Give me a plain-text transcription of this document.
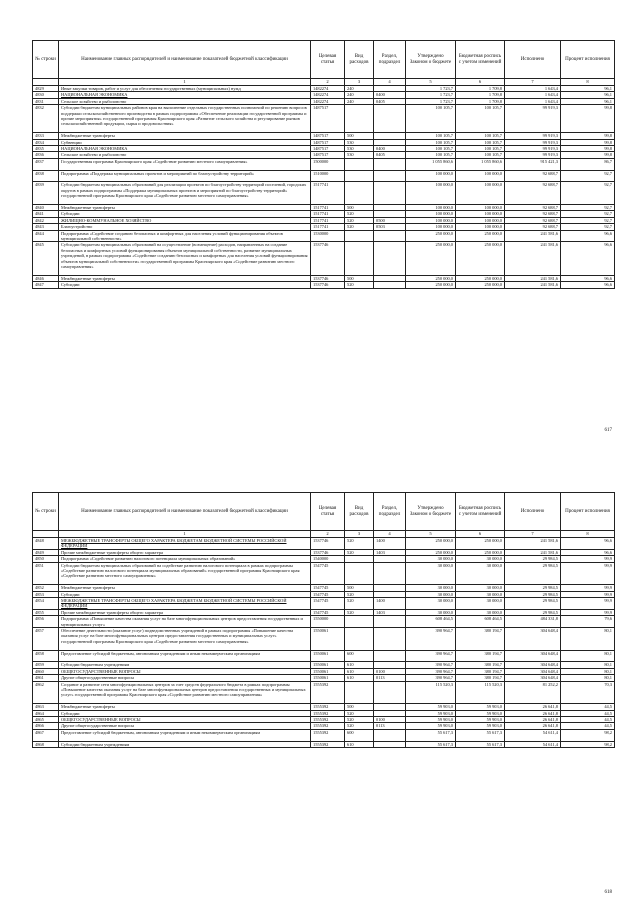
№ строки	Наименование главных распорядителей и наименование показателей бюджетной классификации	Целевая статья	Вид расходов	Раздел, подраздел	Утверждено Законом о бюджете	Бюджетная роспись с учетом изменений	Исполнено	Процент исполнения
	1	2	3	4	5	6	7	8
4829	Иные закупки товаров, работ и услуг для обеспечения государственных (муниципальных) нужд	1482274	240		1 723,7	1 709,8	1 643,4	96,1
4830	НАЦИОНАЛЬНАЯ ЭКОНОМИКА	1482274	240	0400	1 723,7	1 709,8	1 643,4	96,1
4831	Сельское хозяйство и рыболовство	1482274	240	0405	1 723,7	1 709,8	1 643,4	96,1
4832	Субсидии бюджетам муниципальных районов края на выполнение отдельных государственных полномочий по решению вопросов поддержки сельскохозяйственного производства в рамках подпрограммы «Обеспечение реализации государственной программы и прочие мероприятия» государственной программы Красноярского края «Развитие сельского хозяйства и регулирование рынков сельскохозяйственной продукции, сырья и продовольствия»	1487517			100 105,7	100 105,7	99 919,3	99,8
4833	Межбюджетные трансферты	1487517	500		100 105,7	100 105,7	99 919,3	99,8
4834	Субвенции	1487517	530		100 105,7	100 105,7	99 919,3	99,8
4835	НАЦИОНАЛЬНАЯ ЭКОНОМИКА	1487517	530	0400	100 105,7	100 105,7	99 919,3	99,8
4836	Сельское хозяйство и рыболовство	1487517	530	0405	100 105,7	100 105,7	99 919,3	99,8
4837	Государственная программа Красноярского края «Содействие развитию местного самоуправления»	1500000			1 055 860,6	1 055 860,6	915 421,3	86,7
4838	Подпрограмма «Поддержка муниципальных проектов и мероприятий по благоустройству территорий»	1510000			100 000,0	100 000,0	92 688,7	92,7
4839	Субсидии бюджетам муниципальных образований для реализации проектов по благоустройству территорий поселений, городских округов в рамках подпрограммы «Поддержка муниципальных проектов и мероприятий по благоустройству территорий» государственной программы Красноярского края «Содействие развитию местного самоуправления»	1517741			100 000,0	100 000,0	92 688,7	92,7
4840	Межбюджетные трансферты	1517741	500		100 000,0	100 000,0	92 688,7	92,7
4841	Субсидии	1517741	520		100 000,0	100 000,0	92 688,7	92,7
4842	ЖИЛИЩНО-КОММУНАЛЬНОЕ ХОЗЯЙСТВО	1517741	520	0500	100 000,0	100 000,0	92 688,7	92,7
4843	Благоустройство	1517741	520	0503	100 000,0	100 000,0	92 688,7	92,7
4844	Подпрограмма «Содействие созданию безопасных и комфортных для населения условий функционирования объектов муниципальной собственности»	1530000			250 000,0	250 000,0	241 581,6	96,6
4845	Субсидии бюджетам муниципальных образований на осуществление (возмещение) расходов, направленных на создание безопасных и комфортных условий функционирования объектов муниципальной собственности, развитие муниципальных учреждений, в рамках подпрограммы «Содействие созданию безопасных и комфортных для населения условий функционирования объектов муниципальной собственности» государственной программы Красноярского края «Содействие развитию местного самоуправления»	1537746			250 000,0	250 000,0	241 581,6	96,6
4846	Межбюджетные трансферты	1537746	500		250 000,0	250 000,0	241 581,6	96,6
4847	Субсидии	1537746	520		250 000,0	250 000,0	241 581,6	96,6
617
№ строки	Наименование главных распорядителей и наименование показателей бюджетной классификации	Целевая статья	Вид расходов	Раздел, подраздел	Утверждено Законом о бюджете	Бюджетная роспись с учетом изменений	Исполнено	Процент исполнения
	1	2	3	4	5	6	7	8
4848	МЕЖБЮДЖЕТНЫЕ ТРАНСФЕРТЫ ОБЩЕГО ХАРАКТЕРА БЮДЖЕТАМ БЮДЖЕТНОЙ СИСТЕМЫ РОССИЙСКОЙ ФЕДЕРАЦИИ	1537746	520	1400	250 000,0	250 000,0	241 581,6	96,6
4849	Прочие межбюджетные трансферты общего характера	1537746	520	1403	250 000,0	250 000,0	241 581,6	96,6
4850	Подпрограмма «Содействие развитию налогового потенциала муниципальных образований»	1540000			30 000,0	30 000,0	29 984,5	99,9
4851	Субсидии бюджетам муниципальных образований на содействие развитию налогового потенциала в рамках подпрограммы «Содействие развитию налогового потенциала муниципальных образований» государственной программы Красноярского края «Содействие развитию местного самоуправления»	1547745			30 000,0	30 000,0	29 984,5	99,9
4852	Межбюджетные трансферты	1547745	500		30 000,0	30 000,0	29 984,5	99,9
4853	Субсидии	1547745	520		30 000,0	30 000,0	29 984,5	99,9
4854	МЕЖБЮДЖЕТНЫЕ ТРАНСФЕРТЫ ОБЩЕГО ХАРАКТЕРА БЮДЖЕТАМ БЮДЖЕТНОЙ СИСТЕМЫ РОССИЙСКОЙ ФЕДЕРАЦИИ	1547745	520	1400	30 000,0	30 000,0	29 984,5	99,9
4855	Прочие межбюджетные трансферты общего характера	1547745	520	1403	30 000,0	30 000,0	29 984,5	99,9
4856	Подпрограмма «Повышение качества оказания услуг на базе многофункциональных центров предоставления государственных и муниципальных услуг»	1550000			608 464,5	608 464,5	484 331,8	79,6
4857	Обеспечение деятельности (оказание услуг) подведомственных учреждений в рамках подпрограммы «Повышение качества оказания услуг на базе многофункциональных центров предоставления государственных и муниципальных услуг» государственной программы Красноярского края «Содействие развитию местного самоуправления»	1550061			390 964,7	380 194,7	304 648,4	80,1
4858	Предоставление субсидий бюджетным, автономным учреждениям и иным некоммерческим организациям	1550061	600		390 964,7	380 194,7	304 648,4	80,1
4859	Субсидии бюджетным учреждениям	1550061	610		390 964,7	380 194,7	304 648,4	80,1
4860	ОБЩЕГОСУДАРСТВЕННЫЕ ВОПРОСЫ	1550061	610	0100	390 964,7	380 194,7	304 648,4	80,1
4861	Другие общегосударственные вопросы	1550061	610	0113	390 964,7	380 194,7	304 648,4	80,1
4862	Создание и развитие сети многофункциональных центров за счет средств федерального бюджета в рамках подпрограммы «Повышение качества оказания услуг на базе многофункциональных центров предоставления государственных и муниципальных услуг» государственной программы Красноярского края «Содействие развитию местного самоуправления»	1555392			115 520,3	115 520,3	81 252,2	70,3
4863	Межбюджетные трансферты	1555392	500		59 903,0	59 903,0	26 641,8	44,5
4864	Субсидии	1555392	520		59 903,0	59 903,0	26 641,8	44,5
4865	ОБЩЕГОСУДАРСТВЕННЫЕ ВОПРОСЫ	1555392	520	0100	59 903,0	59 903,0	26 641,8	44,5
4866	Другие общегосударственные вопросы	1555392	520	0113	59 903,0	59 903,0	26 641,8	44,5
4867	Предоставление субсидий бюджетным, автономным учреждениям и иным некоммерческим организациям	1555392	600		55 617,3	55 617,3	54 611,4	98,2
4868	Субсидии бюджетным учреждениям	1555392	610		55 617,3	55 617,3	54 611,4	98,2
618
